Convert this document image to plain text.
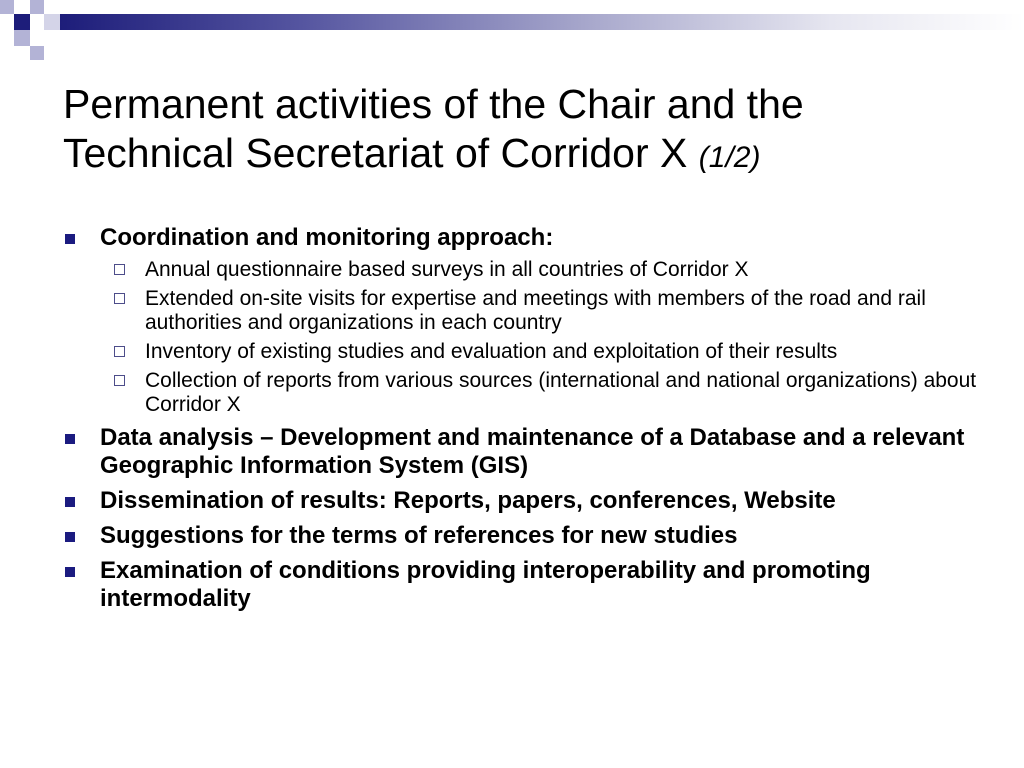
Permanent activities of the Chair and the Technical Secretariat of Corridor X (1/2)
Coordination and monitoring approach:
Annual questionnaire based surveys in all countries of Corridor X
Extended on-site visits for expertise and meetings with members of the road and rail authorities and organizations in each country
Inventory of existing studies and evaluation and exploitation of their results
Collection of reports from various sources (international and national organizations) about Corridor X
Data analysis – Development and maintenance of a Database and a relevant Geographic Information System (GIS)
Dissemination of results: Reports, papers, conferences, Website
Suggestions for the terms of references for new studies
Examination of conditions providing interoperability and promoting intermodality
